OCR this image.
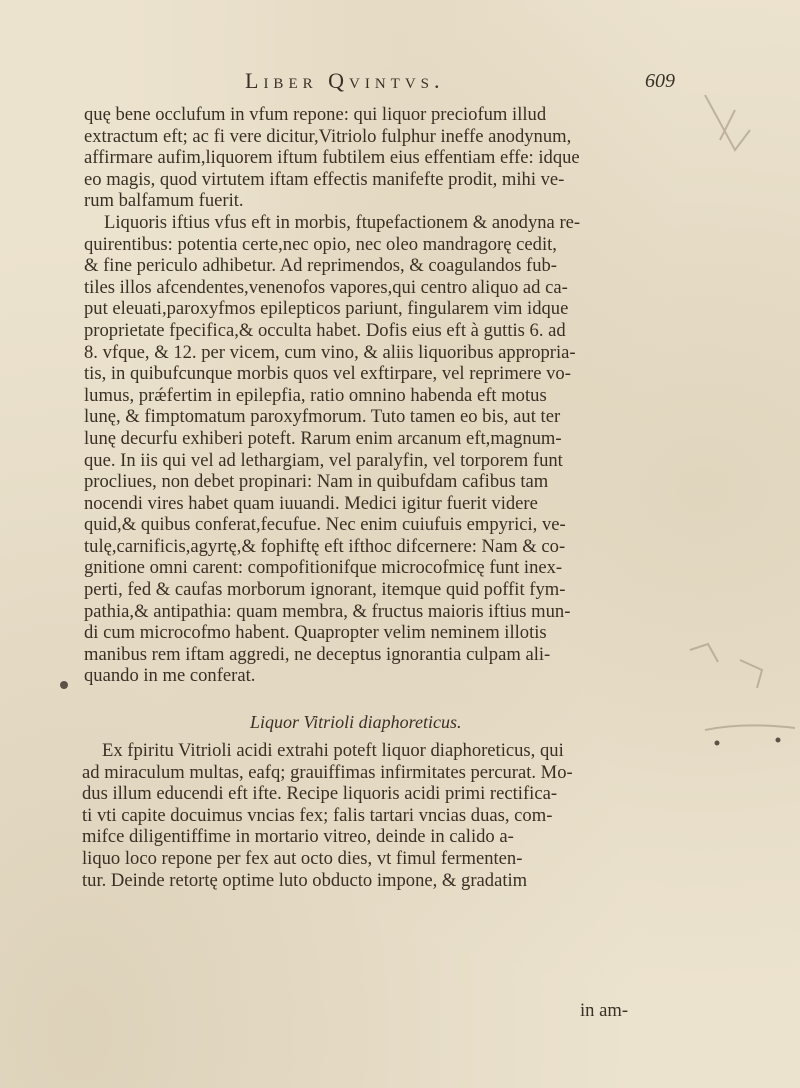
Liber Qvintvs.	609
quę bene occlufum in vfum repone: qui liquor preciofum illud
extractum eft; ac fi vere dicitur,Vitriolo fulphur ineffe anodynum,
affirmare aufim,liquorem iftum fubtilem eius effentiam effe: idque
eo magis, quod virtutem iftam effectis manifefte prodit, mihi ve-
rum balfamum fuerit.
Liquoris iftius vfus eft in morbis, ftupefactionem & anodyna re-
quirentibus: potentia certe,nec opio, nec oleo mandragorę cedit,
& fine periculo adhibetur. Ad reprimendos, & coagulandos fub-
tiles illos afcendentes,venenofos vapores,qui centro aliquo ad ca-
put eleuati,paroxyfmos epilepticos pariunt, fingularem vim idque
proprietate fpecifica,& occulta habet. Dofis eius eft à guttis 6. ad
8. vfque, & 12. per vicem, cum vino, & aliis liquoribus appropria-
tis, in quibufcunque morbis quos vel exftirpare, vel reprimere vo-
lumus, prǽfertim in epilepfia, ratio omnino habenda eft motus
lunę, & fimptomatum paroxyfmorum. Tuto tamen eo bis, aut ter
lunę decurfu exhiberi poteft. Rarum enim arcanum eft,magnum-
que. In iis qui vel ad lethargiam, vel paralyfin, vel torporem funt
procliues, non debet propinari: Nam in quibufdam cafibus tam
nocendi vires habet quam iuuandi. Medici igitur fuerit videre
quid,& quibus conferat,fecufue. Nec enim cuiufuis empyrici, ve-
tulę,carnificis,agyrtę,& fophiftę eft ifthoc difcernere: Nam & co-
gnitione omni carent: compofitionifque microcofmicę funt inex-
perti, fed & caufas morborum ignorant, itemque quid poffit fym-
pathia,& antipathia: quam membra, & fructus maioris iftius mun-
di cum microcofmo habent. Quapropter velim neminem illotis
manibus rem iftam aggredi, ne deceptus ignorantia culpam ali-
quando in me conferat.
Liquor Vitrioli diaphoreticus.
Ex fpiritu Vitrioli acidi extrahi poteft liquor diaphoreticus, qui
ad miraculum multas, eafq; grauiffimas infirmitates percurat. Mo-
dus illum educendi eft ifte. Recipe liquoris acidi primi rectifica-
ti vti capite docuimus vncias fex; falis tartari vncias duas, com-
mifce diligentiffime in mortario vitreo, deinde in calido a-
liquo loco repone per fex aut octo dies, vt fimul fermenten-
tur. Deinde retortę optime luto obducto impone, & gradatim
in am-
